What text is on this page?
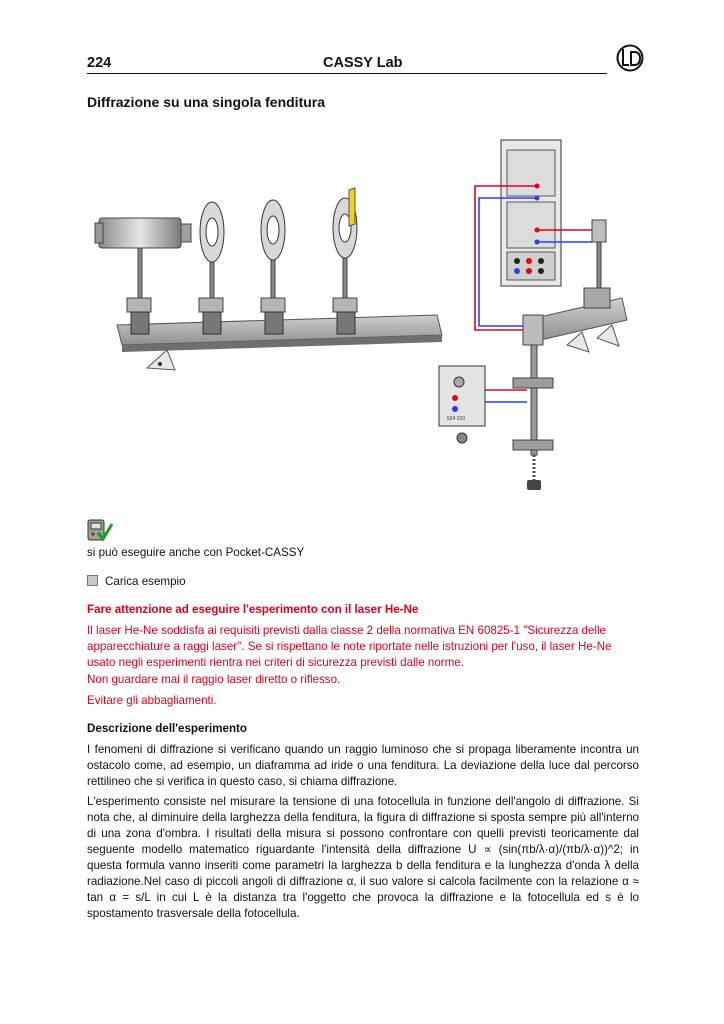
224	CASSY Lab	LD
Diffrazione su una singola fenditura
524 010

si può eseguire anche con Pocket-CASSY

Carica esempio

Fare attenzione ad eseguire l'esperimento con il laser He-Ne

Il laser He-Ne soddisfa ai requisiti previsti dalla classe 2 della normativa EN 60825-1 "Sicurezza delle apparecchiature a raggi laser". Se si rispettano le note riportate nelle istruzioni per l'uso, il laser He-Ne usato negli esperimenti rientra nei criteri di sicurezza previsti dalle norme.

Non guardare mai il raggio laser diretto o riflesso.

Evitare gli abbagliamenti.

Descrizione dell'esperimento

I fenomeni di diffrazione si verificano quando un raggio luminoso che si propaga liberamente incontra un ostacolo come, ad esempio, un diaframma ad iride o una fenditura. La deviazione della luce dal percorso rettilineo che si verifica in questo caso, si chiama diffrazione.

L'esperimento consiste nel misurare la tensione di una fotocellula in funzione dell'angolo di diffrazione. Si nota che, al diminuire della larghezza della fenditura, la figura di diffrazione si sposta sempre più all'interno di una zona d'ombra. I risultati della misura si possono confrontare con quelli previsti teoricamente dal seguente modello matematico riguardante l'intensità della diffrazione U ∝ (sin(πb/λ·α)/(πb/λ·α))^2; in questa formula vanno inseriti come parametri la larghezza b della fenditura e la lunghezza d'onda λ della radiazione.Nel caso di piccoli angoli di diffrazione α, il suo valore si calcola facilmente con la relazione α ≈ tan α = s/L in cui L è la distanza tra l'oggetto che provoca la diffrazione e la fotocellula ed s è lo spostamento trasversale della fotocellula.
